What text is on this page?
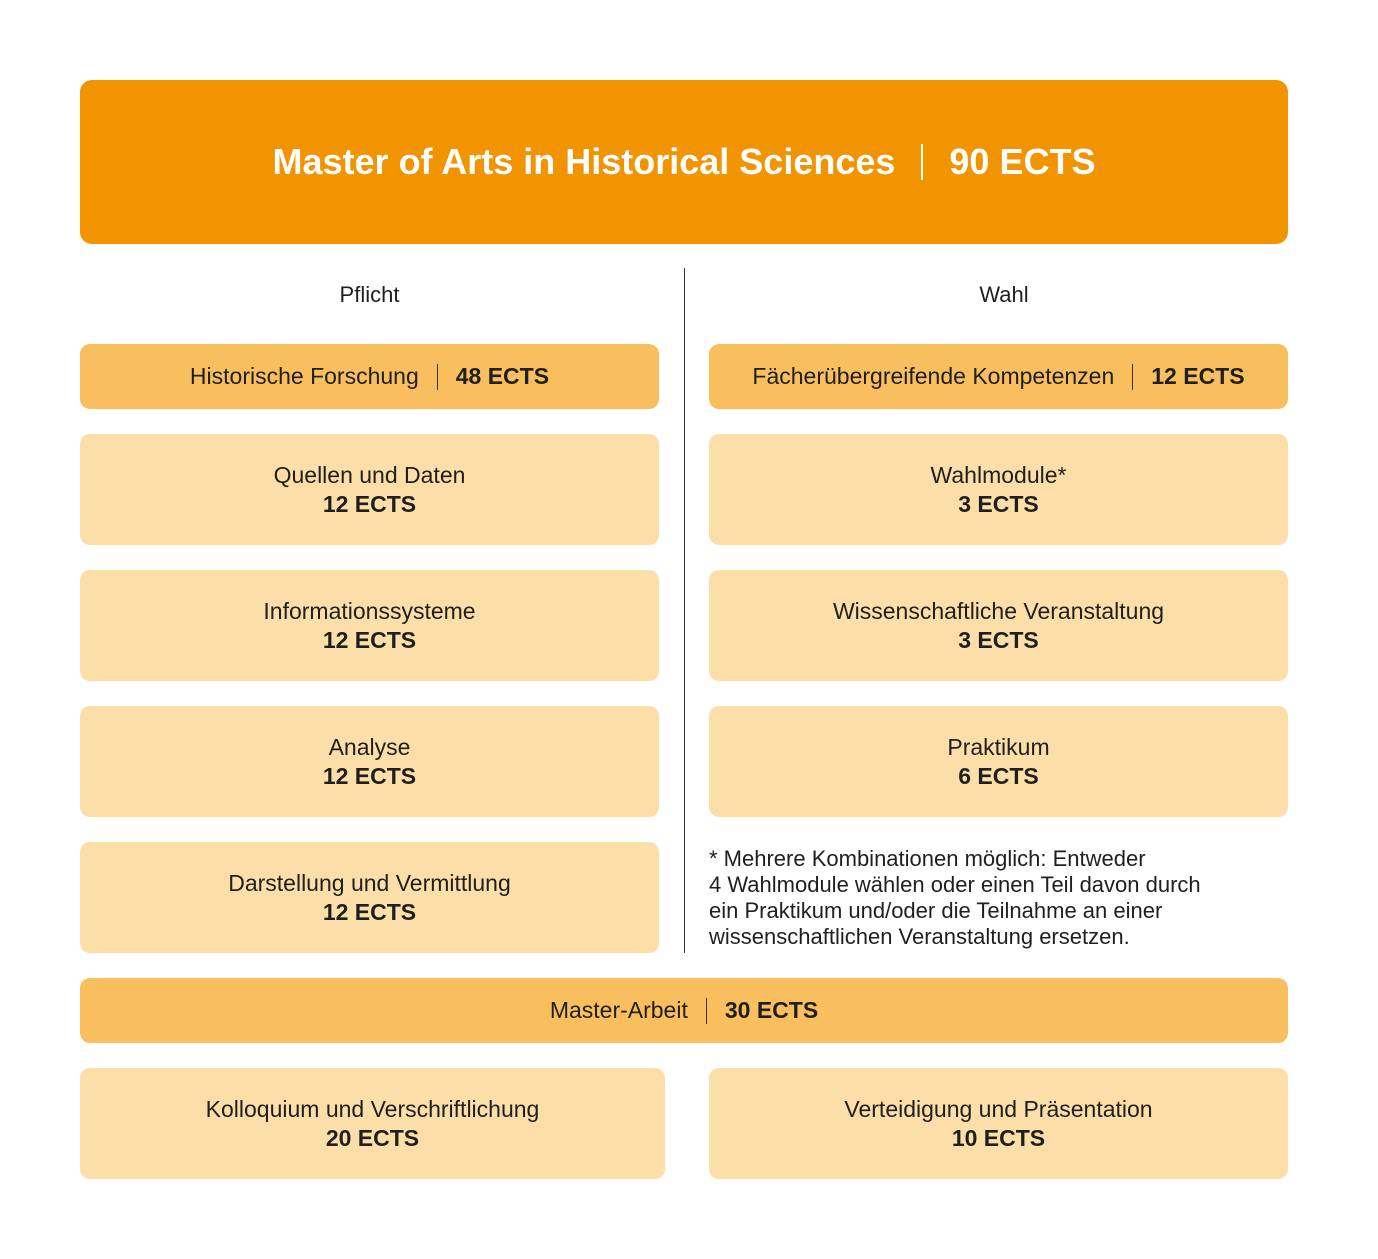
Master of Arts in Historical Sciences 90 ECTS
Pflicht	Wahl
Historische Forschung 48 ECTS
Quellen und Daten
12 ECTS
Informationssysteme
12 ECTS
Analyse
12 ECTS
Darstellung und Vermittlung
12 ECTS
Fächerübergreifende Kompetenzen 12 ECTS
Wahlmodule*
3 ECTS
Wissenschaftliche Veranstaltung
3 ECTS
Praktikum
6 ECTS
* Mehrere Kombinationen möglich: Entweder
4 Wahlmodule wählen oder einen Teil davon durch
ein Praktikum und/oder die Teilnahme an einer
wissenschaftlichen Veranstaltung ersetzen.
Master-Arbeit 30 ECTS
Kolloquium und Verschriftlichung
20 ECTS
Verteidigung und Präsentation
10 ECTS
